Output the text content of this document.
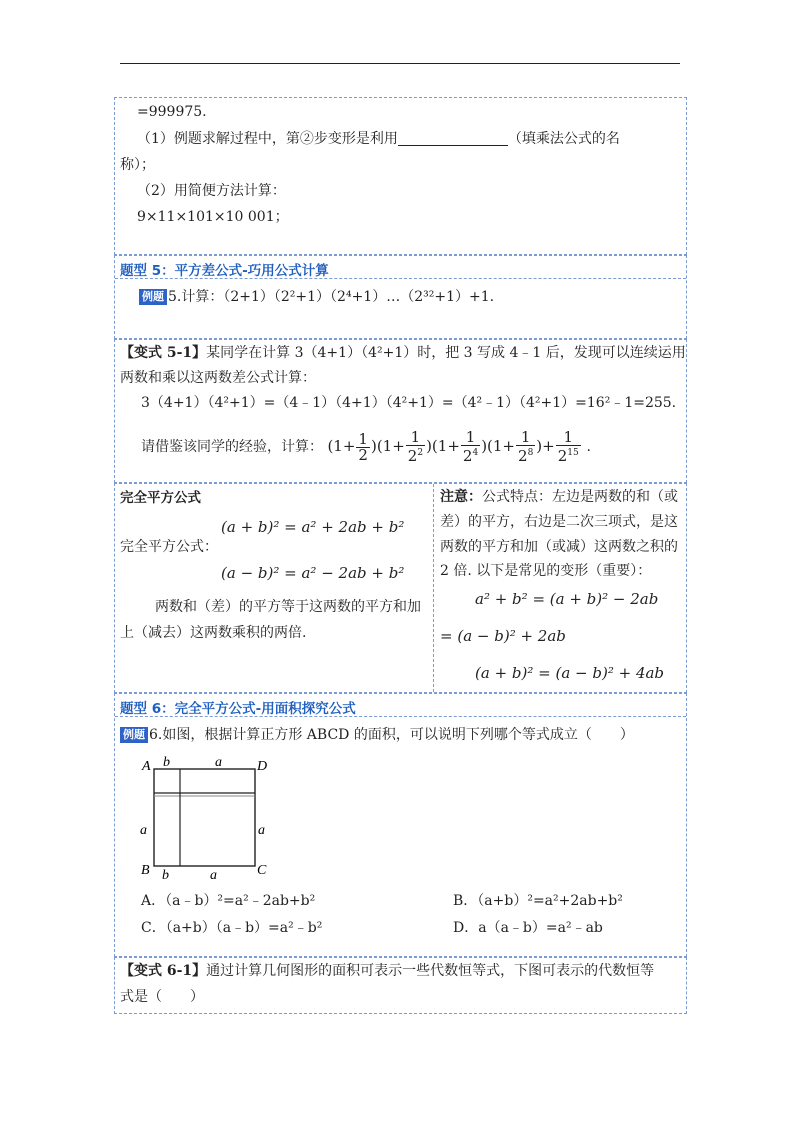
=999975.
（1）例题求解过程中，第②步变形是利用	（填乘法公式的名
称）；
（2）用简便方法计算：
9×11×101×10 001；
题型 5：平方差公式-巧用公式计算
例题 5.计算：（2+1）（2²+1）（2⁴+1）…（2³²+1）+1.
【变式 5-1】某同学在计算 3（4+1）（4²+1）时，把 3 写成 4﹣1 后，发现可以连续运用
两数和乘以这两数差公式计算：
3（4+1）（4²+1）=（4﹣1）（4+1）（4²+1）=（4²﹣1）（4²+1）=16²﹣1=255.
请借鉴该同学的经验，计算： $(1+ \frac{1}{2} )(1+ \frac{1}{2^2} )(1+ \frac{1}{2^4} )(1+ \frac{1}{2^8}$ )+ $\frac{1}{2^{15}}$ .
完全平方公式
完全平方公式：
(a + b)² = a² + 2ab + b²
(a − b)² = a² − 2ab + b²
两数和（差）的平方等于这两数的平方和加
上（减去）这两数乘积的两倍.
注意：公式特点：左边是两数的和（或
差）的平方，右边是二次三项式，是这
两数的平方和加（或减）这两数之积的
2 倍. 以下是常见的变形（重要）：
a² + b² = (a + b)² − 2ab
= (a − b)² + 2ab
(a + b)² = (a − b)² + 4ab
题型 6：完全平方公式-用面积探究公式
例题 6.如图，根据计算正方形 ABCD 的面积，可以说明下列哪个等式成立（　　）
A	D
B	C
b	a
a	a
b	a
A．（a﹣b）²=a²﹣2ab+b²	B．（a+b）²=a²+2ab+b²
C．（a+b）（a﹣b）=a²﹣b²	D．a（a﹣b）=a²﹣ab
【变式 6-1】通过计算几何图形的面积可表示一些代数恒等式，下图可表示的代数恒等
式是（　　）
